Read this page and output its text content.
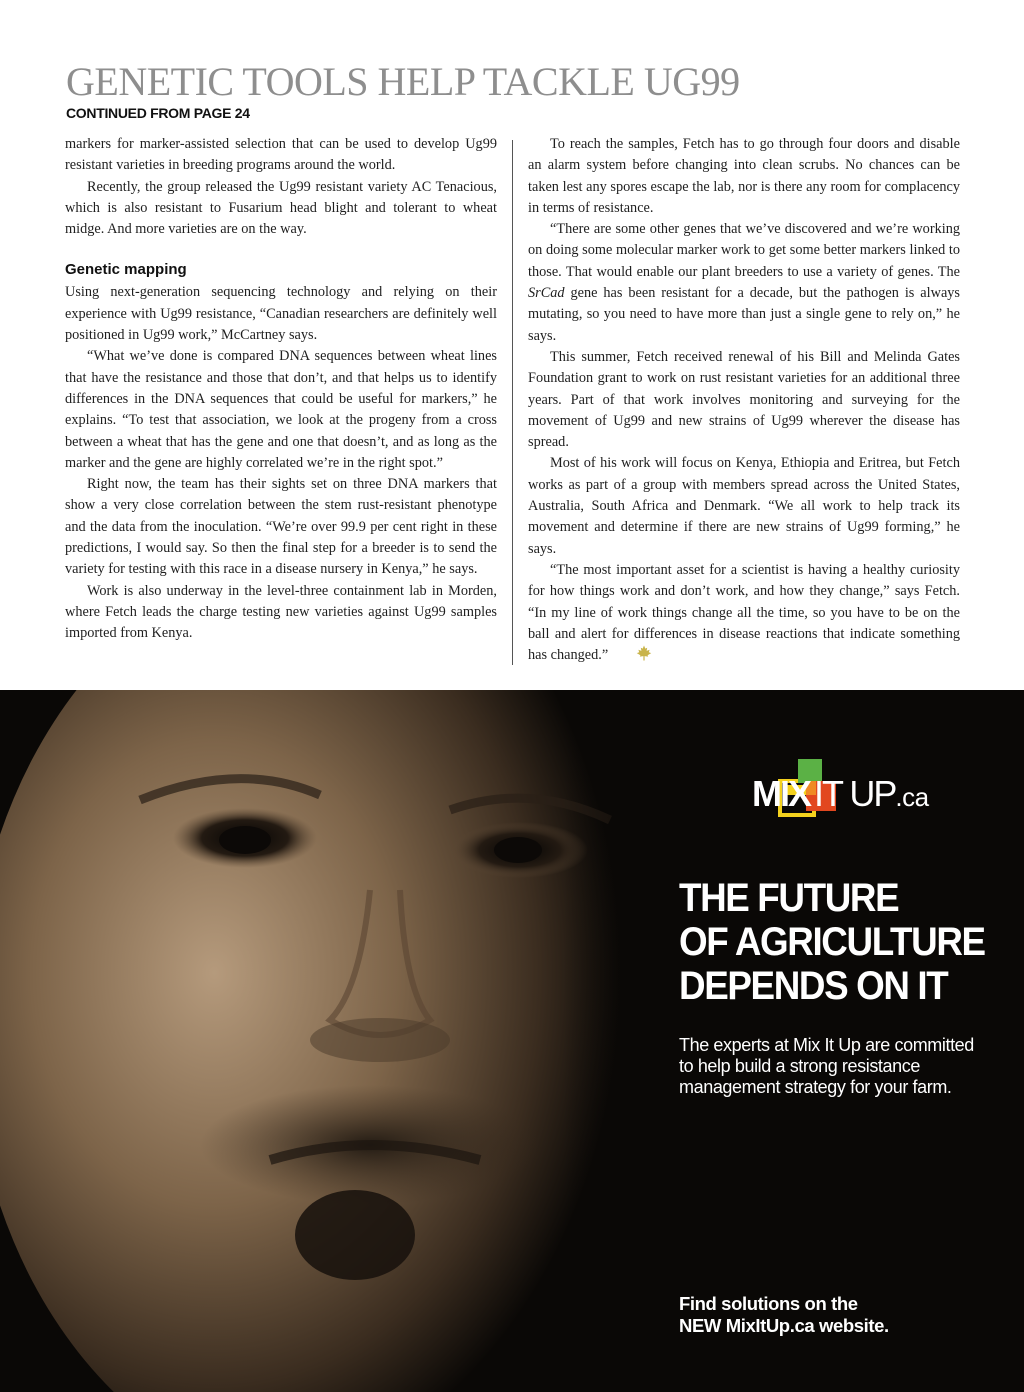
GENETIC TOOLS HELP TACKLE UG99
CONTINUED FROM PAGE 24

markers for marker-assisted selection that can be used to develop Ug99 resistant varieties in breeding programs around the world.

Recently, the group released the Ug99 resistant variety AC Tenacious, which is also resistant to Fusarium head blight and tolerant to wheat midge. And more varieties are on the way.

Genetic mapping

Using next-generation sequencing technology and relying on their experience with Ug99 resistance, “Canadian researchers are definitely well positioned in Ug99 work,” McCartney says.

“What we’ve done is compared DNA sequences between wheat lines that have the resistance and those that don’t, and that helps us to identify differences in the DNA sequences that could be useful for markers,” he explains. “To test that association, we look at the progeny from a cross between a wheat that has the gene and one that doesn’t, and as long as the marker and the gene are highly correlated we’re in the right spot.”

Right now, the team has their sights set on three DNA markers that show a very close correlation between the stem rust-resistant phenotype and the data from the inoculation. “We’re over 99.9 per cent right in these predictions, I would say. So then the final step for a breeder is to send the variety for testing with this race in a disease nursery in Kenya,” he says.

Work is also underway in the level-three containment lab in Morden, where Fetch leads the charge testing new varieties against Ug99 samples imported from Kenya.

To reach the samples, Fetch has to go through four doors and disable an alarm system before changing into clean scrubs. No chances can be taken lest any spores escape the lab, nor is there any room for complacency in terms of resistance.

“There are some other genes that we’ve discovered and we’re working on doing some molecular marker work to get some better markers linked to those. That would enable our plant breeders to use a variety of genes. The SrCad gene has been resistant for a decade, but the pathogen is always mutating, so you need to have more than just a single gene to rely on,” he says.

This summer, Fetch received renewal of his Bill and Melinda Gates Foundation grant to work on rust resistant varieties for an additional three years. Part of that work involves monitoring and surveying for the movement of Ug99 and new strains of Ug99 wherever the disease has spread.

Most of his work will focus on Kenya, Ethiopia and Eritrea, but Fetch works as part of a group with members spread across the United States, Australia, South Africa and Denmark. “We all work to help track its movement and determine if there are new strains of Ug99 forming,” he says.

“The most important asset for a scientist is having a healthy curiosity for how things work and don’t work, and how they change,” says Fetch. “In my line of work things change all the time, so you have to be on the ball and alert for differences in disease reactions that indicate something has changed.”

MIX IT UP.ca
THE FUTURE
OF AGRICULTURE
DEPENDS ON IT
The experts at Mix It Up are committed to help build a strong resistance management strategy for your farm.
Find solutions on the
NEW MixItUp.ca website.
